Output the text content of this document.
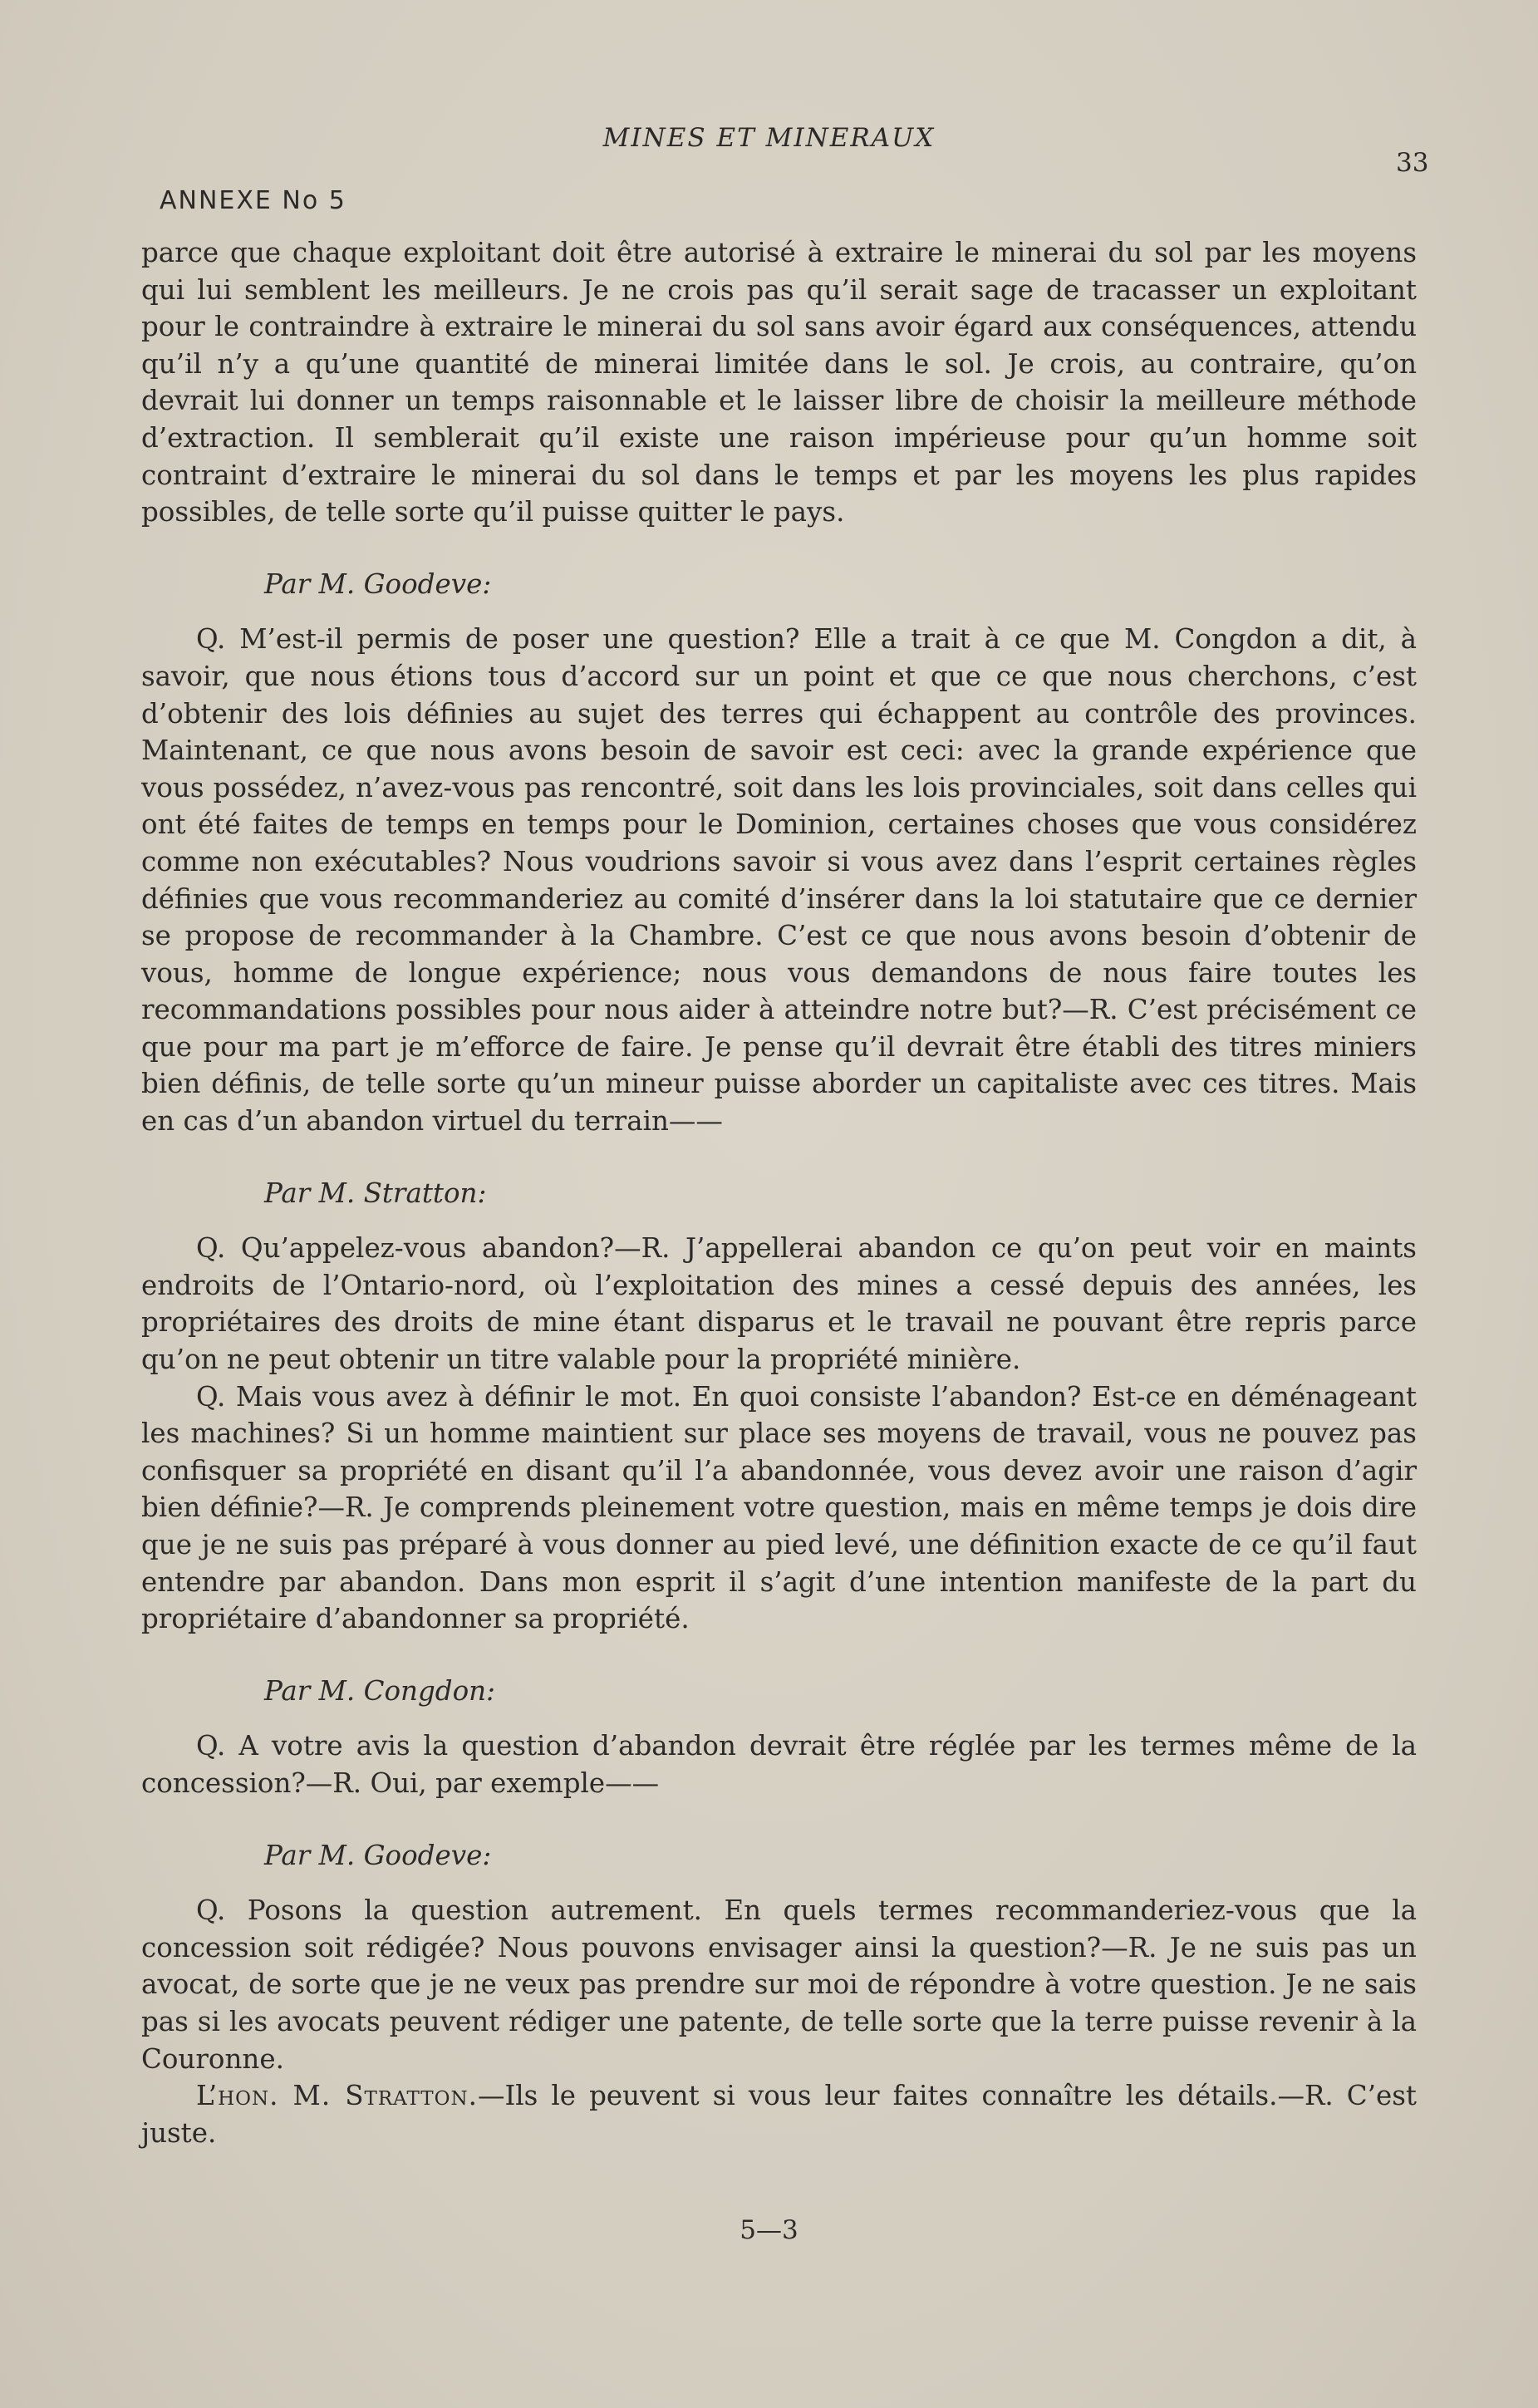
MINES ET MINERAUX
33
ANNEXE No 5

parce que chaque exploitant doit être autorisé à extraire le minerai du sol par les moyens qui lui semblent les meilleurs. Je ne crois pas qu’il serait sage de tracasser un exploitant pour le contraindre à extraire le minerai du sol sans avoir égard aux conséquences, attendu qu’il n’y a qu’une quantité de minerai limitée dans le sol. Je crois, au contraire, qu’on devrait lui donner un temps raisonnable et le laisser libre de choisir la meilleure méthode d’extraction. Il semblerait qu’il existe une raison impérieuse pour qu’un homme soit contraint d’extraire le minerai du sol dans le temps et par les moyens les plus rapides possibles, de telle sorte qu’il puisse quitter le pays.

Par M. Goodeve:

Q. M’est-il permis de poser une question? Elle a trait à ce que M. Congdon a dit, à savoir, que nous étions tous d’accord sur un point et que ce que nous cherchons, c’est d’obtenir des lois définies au sujet des terres qui échappent au contrôle des provinces. Maintenant, ce que nous avons besoin de savoir est ceci: avec la grande expérience que vous possédez, n’avez-vous pas rencontré, soit dans les lois provinciales, soit dans celles qui ont été faites de temps en temps pour le Dominion, certaines choses que vous considérez comme non exécutables? Nous voudrions savoir si vous avez dans l’esprit certaines règles définies que vous recommanderiez au comité d’insérer dans la loi statutaire que ce dernier se propose de recommander à la Chambre. C’est ce que nous avons besoin d’obtenir de vous, homme de longue expérience; nous vous demandons de nous faire toutes les recommandations possibles pour nous aider à atteindre notre but?—R. C’est précisément ce que pour ma part je m’efforce de faire. Je pense qu’il devrait être établi des titres miniers bien définis, de telle sorte qu’un mineur puisse aborder un capitaliste avec ces titres. Mais en cas d’un abandon virtuel du terrain——

Par M. Stratton:

Q. Qu’appelez-vous abandon?—R. J’appellerai abandon ce qu’on peut voir en maints endroits de l’Ontario-nord, où l’exploitation des mines a cessé depuis des années, les propriétaires des droits de mine étant disparus et le travail ne pouvant être repris parce qu’on ne peut obtenir un titre valable pour la propriété minière.

Q. Mais vous avez à définir le mot. En quoi consiste l’abandon? Est-ce en déménageant les machines? Si un homme maintient sur place ses moyens de travail, vous ne pouvez pas confisquer sa propriété en disant qu’il l’a abandonnée, vous devez avoir une raison d’agir bien définie?—R. Je comprends pleinement votre question, mais en même temps je dois dire que je ne suis pas préparé à vous donner au pied levé, une définition exacte de ce qu’il faut entendre par abandon. Dans mon esprit il s’agit d’une intention manifeste de la part du propriétaire d’abandonner sa propriété.

Par M. Congdon:

Q. A votre avis la question d’abandon devrait être réglée par les termes même de la concession?—R. Oui, par exemple——

Par M. Goodeve:

Q. Posons la question autrement. En quels termes recommanderiez-vous que la concession soit rédigée? Nous pouvons envisager ainsi la question?—R. Je ne suis pas un avocat, de sorte que je ne veux pas prendre sur moi de répondre à votre question. Je ne sais pas si les avocats peuvent rédiger une patente, de telle sorte que la terre puisse revenir à la Couronne.

L’hon. M. Stratton.—Ils le peuvent si vous leur faites connaître les détails.—R. C’est juste.

5—3
